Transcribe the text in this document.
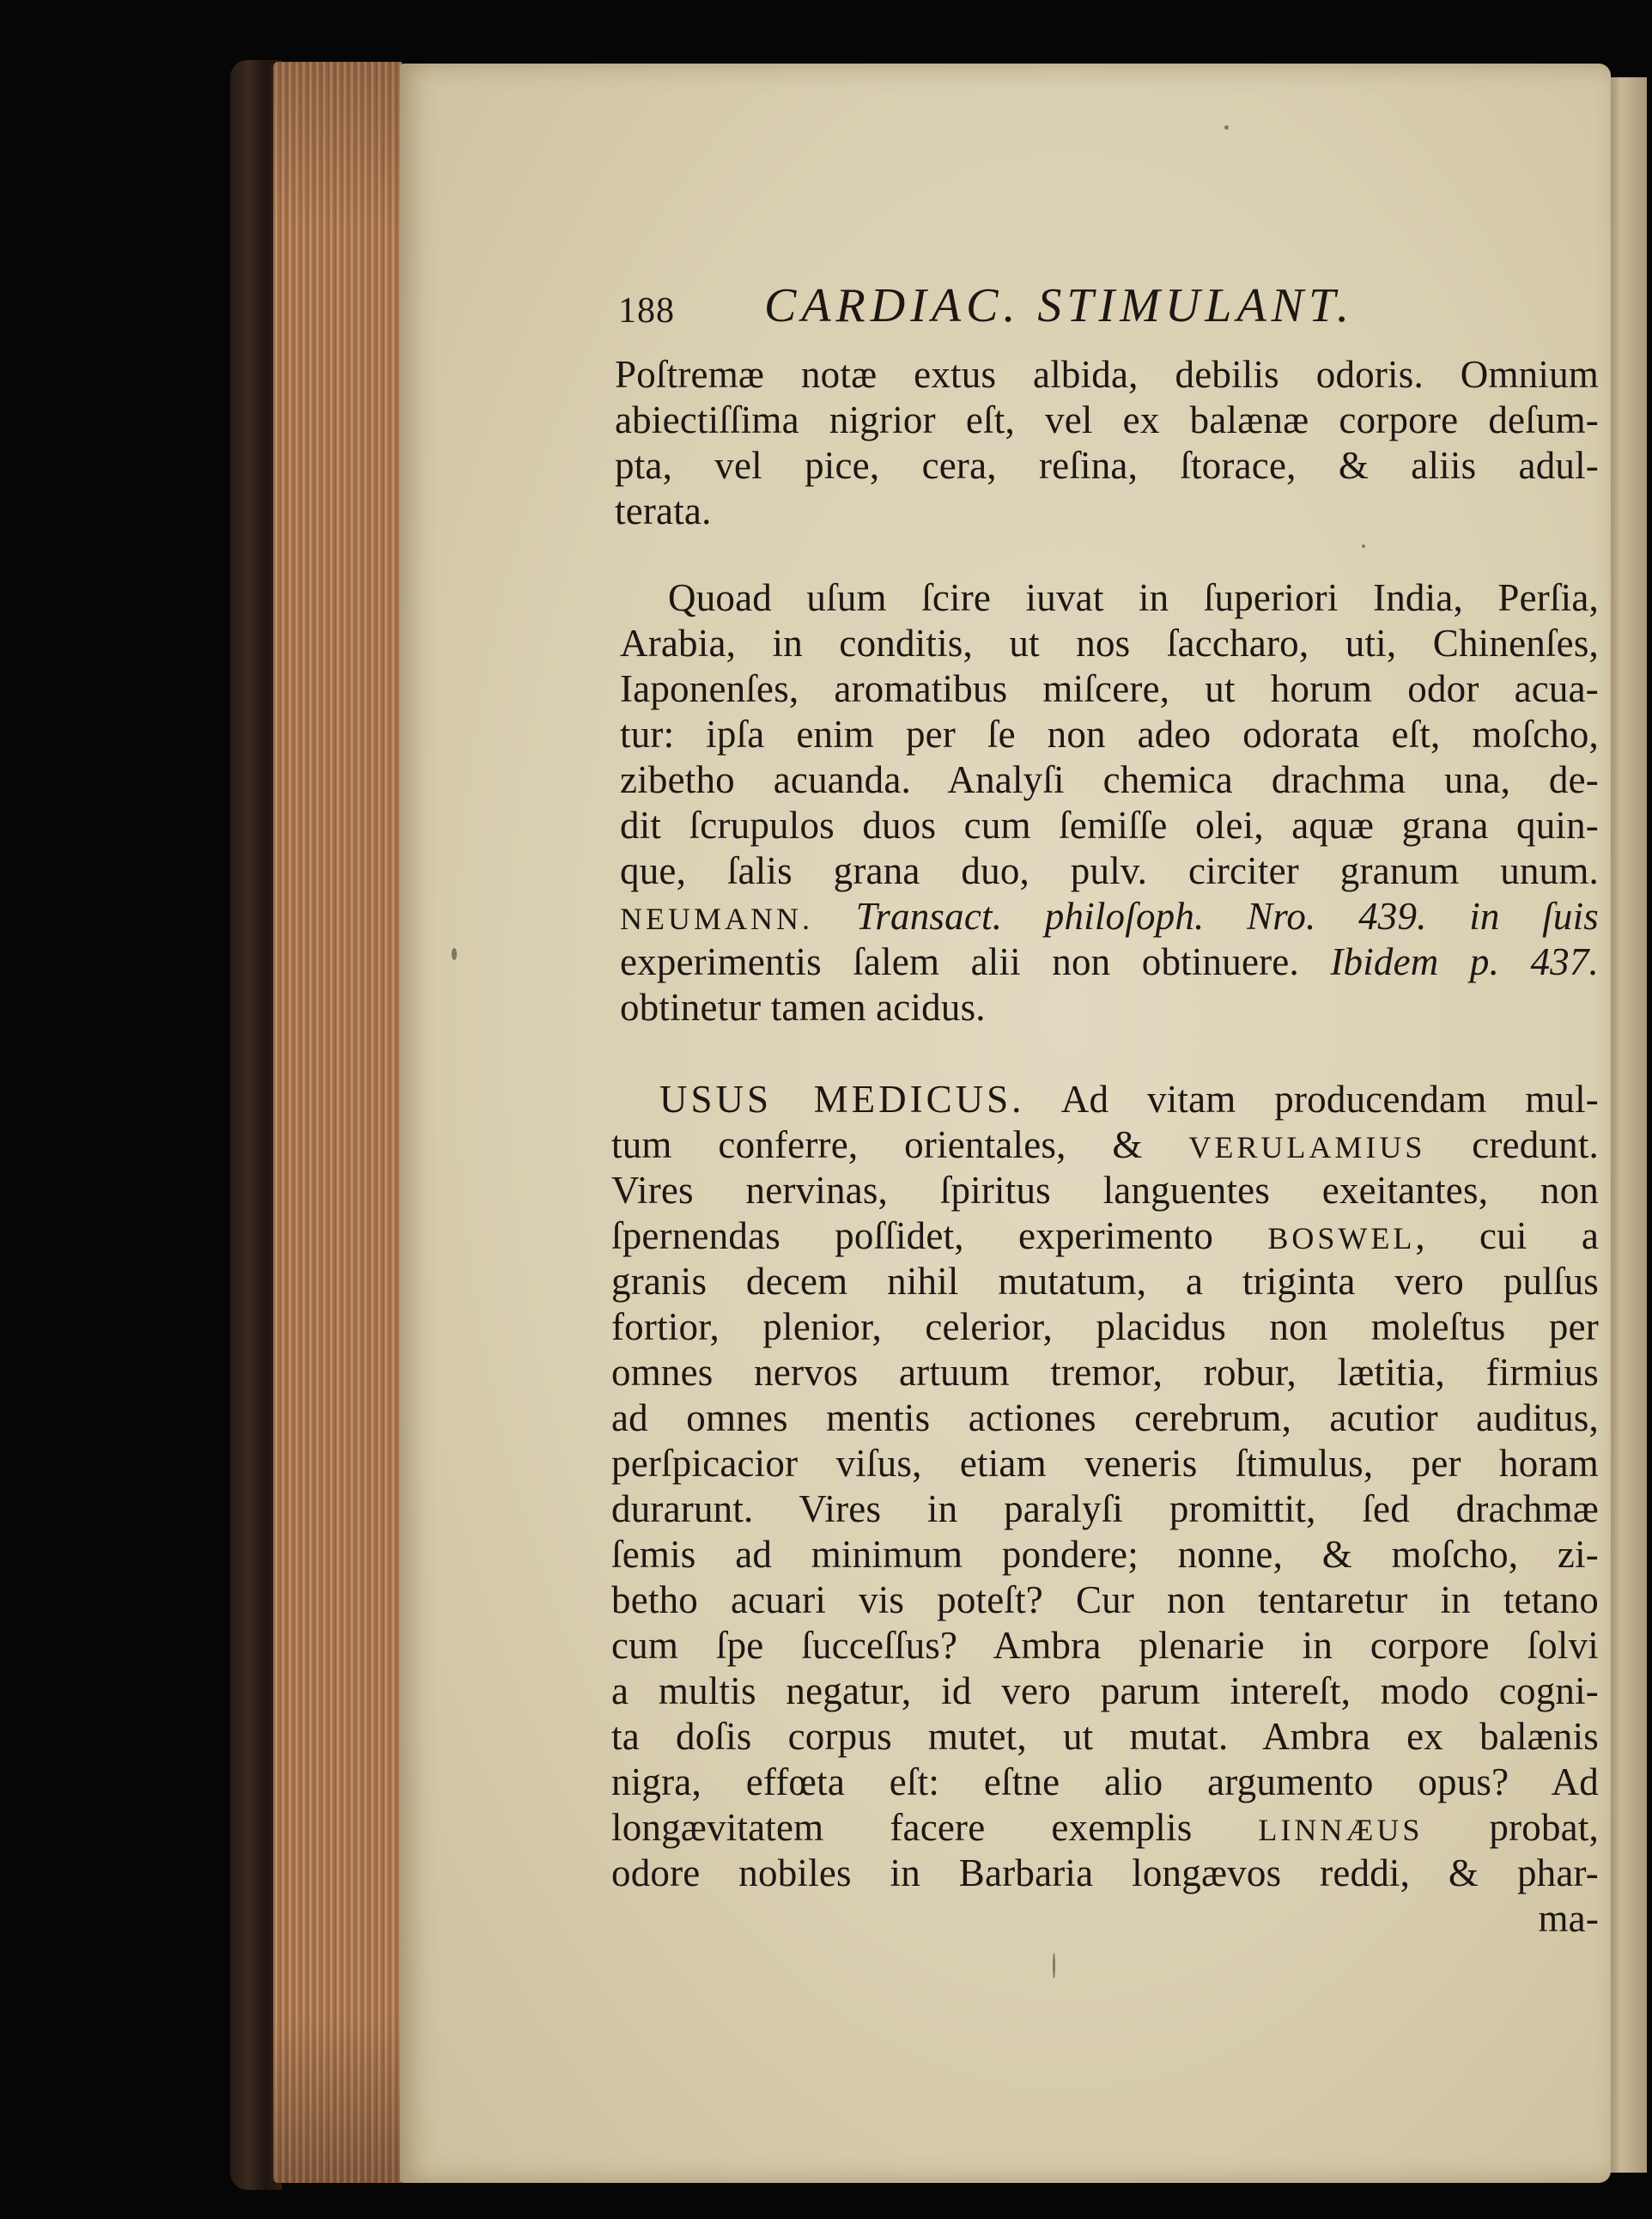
188 CARDIAC. STIMULANT.
Poſtremæ notæ extus albida, debilis odoris. Omnium
abiectiſſima nigrior eſt, vel ex balænæ corpore deſum-
pta, vel pice, cera, reſina, ſtorace, & aliis adul-
terata.
Quoad uſum ſcire iuvat in ſuperiori India, Perſia,
Arabia, in conditis, ut nos ſaccharo, uti, Chinenſes,
Iaponenſes, aromatibus miſcere, ut horum odor acua-
tur: ipſa enim per ſe non adeo odorata eſt, moſcho,
zibetho acuanda. Analyſi chemica drachma una, de-
dit ſcrupulos duos cum ſemiſſe olei, aquæ grana quin-
que, ſalis grana duo, pulv. circiter granum unum.
NEUMANN. Transact. philoſoph. Nro. 439. in ſuis
experimentis ſalem alii non obtinuere. Ibidem p. 437.
obtinetur tamen acidus.
USUS MEDICUS. Ad vitam producendam mul-
tum conferre, orientales, & VERULAMIUS credunt.
Vires nervinas, ſpiritus languentes exeitantes, non
ſpernendas poſſidet, experimento BOSWEL, cui a
granis decem nihil mutatum, a triginta vero pulſus
fortior, plenior, celerior, placidus non moleſtus per
omnes nervos artuum tremor, robur, lætitia, firmius
ad omnes mentis actiones cerebrum, acutior auditus,
perſpicacior viſus, etiam veneris ſtimulus, per horam
durarunt. Vires in paralyſi promittit, ſed drachmæ
ſemis ad minimum pondere; nonne, & moſcho, zi-
betho acuari vis poteſt? Cur non tentaretur in tetano
cum ſpe ſucceſſus? Ambra plenarie in corpore ſolvi
a multis negatur, id vero parum intereſt, modo cogni-
ta doſis corpus mutet, ut mutat. Ambra ex balænis
nigra, effœta eſt: eſtne alio argumento opus? Ad
longævitatem facere exemplis LINNÆUS probat,
odore nobiles in Barbaria longævos reddi, & phar-
ma-
